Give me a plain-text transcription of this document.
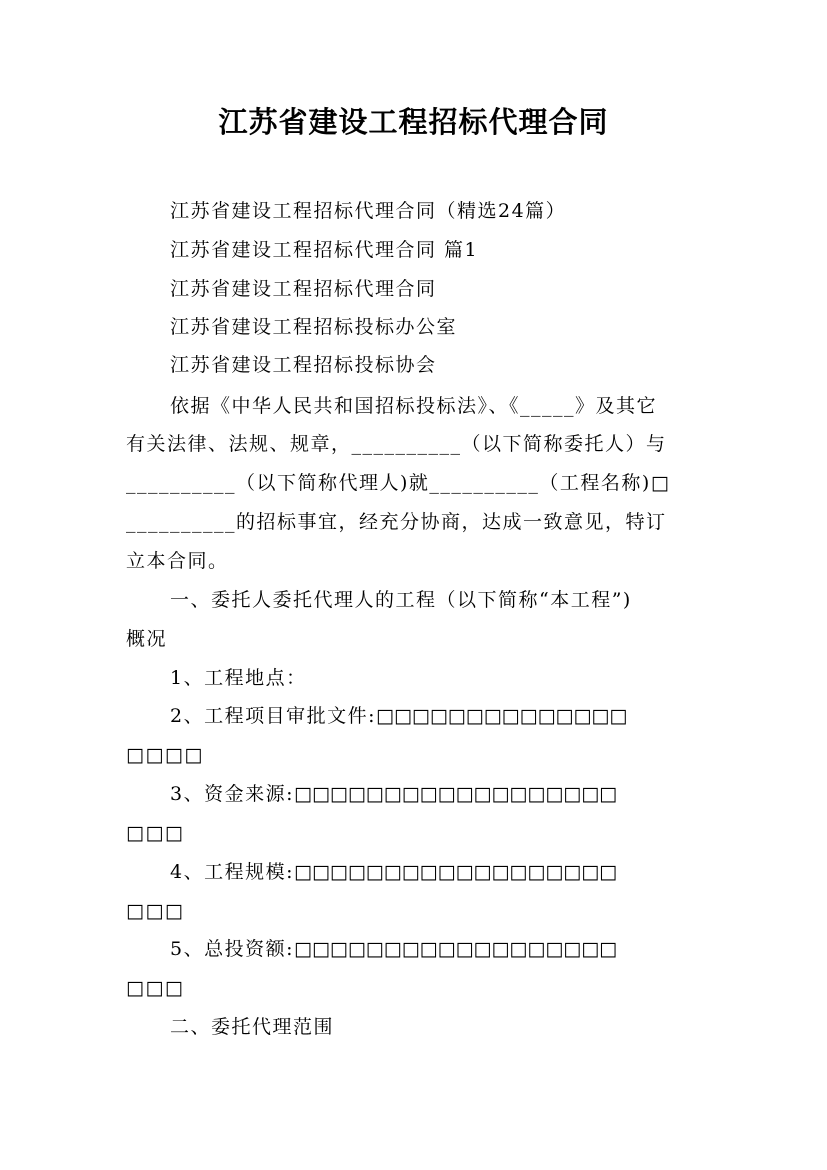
江苏省建设工程招标代理合同
江苏省建设工程招标代理合同（精选24篇）
江苏省建设工程招标代理合同 篇1
江苏省建设工程招标代理合同
江苏省建设工程招标投标办公室
江苏省建设工程招标投标协会
依据《中华人民共和国招标投标法》、《_____》及其它
有关法律、法规、规章，__________（以下简称委托人）与
__________（以下简称代理人)就__________（工程名称)□
__________的招标事宜，经充分协商，达成一致意见，特订
立本合同。
一、委托人委托代理人的工程（以下简称“本工程”)
概况
1、工程地点：
2、工程项目审批文件:□□□□□□□□□□□□□□
□□□□
3、资金来源:□□□□□□□□□□□□□□□□□□
□□□
4、工程规模:□□□□□□□□□□□□□□□□□□
□□□
5、总投资额:□□□□□□□□□□□□□□□□□□
□□□
二、委托代理范围
